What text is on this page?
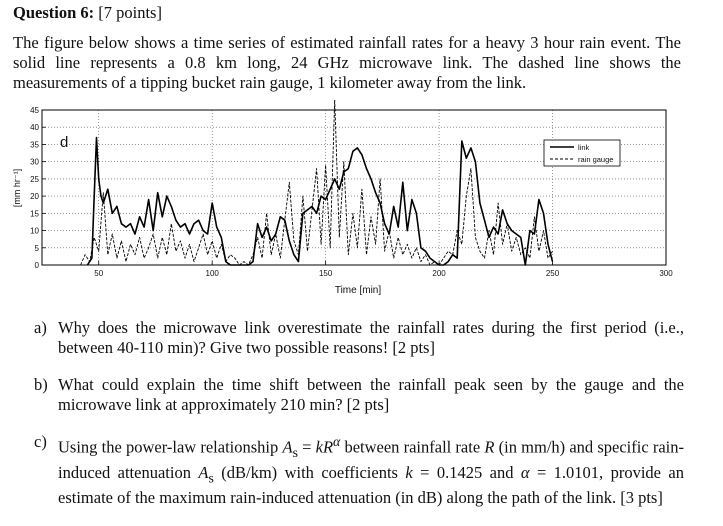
Question 6: [7 points]
The figure below shows a time series of estimated rainfall rates for a heavy 3 hour rain event. The solid line represents a 0.8 km long, 24 GHz microwave link. The dashed line shows the measurements of a tipping bucket rain gauge, 1 kilometer away from the link.
0
5
10
15
20
25
30
35
40
45
50	100	150	200	250	300
d
Time [min]
[mm hr⁻¹]
link
rain gauge
a) Why does the microwave link overestimate the rainfall rates during the first period (i.e., between 40-110 min)? Give two possible reasons! [2 pts]
b) What could explain the time shift between the rainfall peak seen by the gauge and the microwave link at approximately 210 min? [2 pts]
c) Using the power-law relationship $A_s = kR^\alpha$ between rainfall rate R (in mm/h) and specific rain-induced attenuation $A_s$ (dB/km) with coefficients k = 0.1425 and α = 1.0101, provide an estimate of the maximum rain-induced attenuation (in dB) along the path of the link. [3 pts]
